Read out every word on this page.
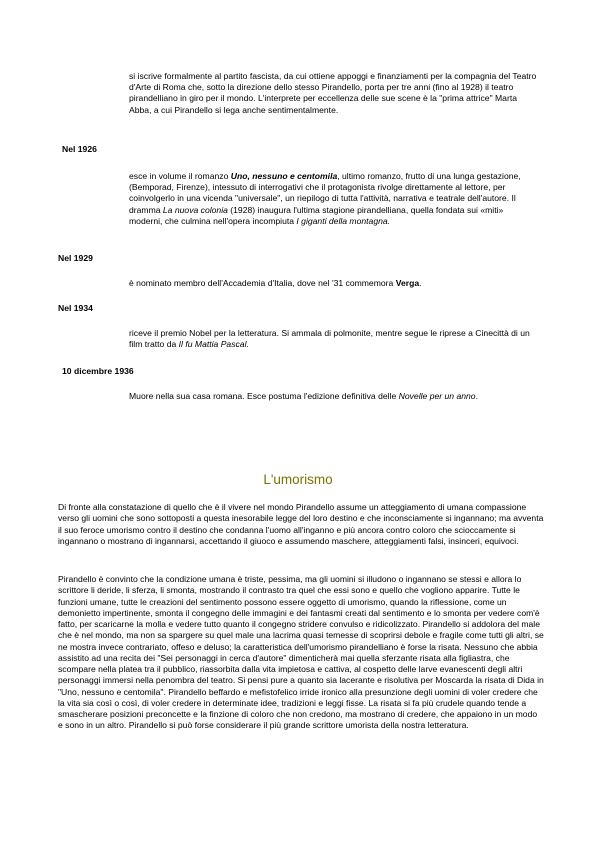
si iscrive formalmente al partito fascista, da cui ottiene appoggi e finanziamenti per la compagnia del Teatro d'Arte di Roma che, sotto la direzione dello stesso Pirandello, porta per tre anni (fino al 1928) il teatro pirandelliano in giro per il mondo. L'interprete per eccellenza delle sue scene è la "prima attrice" Marta Abba, a cui Pirandello si lega anche sentimentalmente.

Nel 1926

esce in volume il romanzo Uno, nessuno e centomila, ultimo romanzo, frutto di una lunga gestazione, (Bemporad, Firenze), intessuto di interrogativi che il protagonista rivolge direttamente al lettore, per coinvolgerlo in una vicenda "universale", un riepilogo di tutta l'attività, narrativa e teatrale dell'autore. Il dramma La nuova colonia (1928) inaugura l'ultima stagione pirandelliana, quella fondata sui «miti» moderni, che culmina nell'opera incompiuta I giganti della montagna.

Nel 1929

è nominato membro dell'Accademia d'Italia, dove nel '31 commemora Verga.

Nel 1934

riceve il premio Nobel per la letteratura. Si ammala di polmonite, mentre segue le riprese a Cinecittà di un film tratto da Il fu Mattia Pascal.

10 dicembre 1936

Muore nella sua casa romana. Esce postuma l'edizione definitiva delle Novelle per un anno.

L'umorismo

Di fronte alla constatazione di quello che è il vivere nel mondo Pirandello assume un atteggiamento di umana compassione verso gli uomini che sono sottoposti a questa inesorabile legge del loro destino e che inconsciamente si ingannano; ma avventa il suo feroce umorismo contro il destino che condanna l'uomo all'inganno e più ancora contro coloro che scioccamente si ingannano o mostrano di ingannarsi, accettando il giuoco e assumendo maschere, atteggiamenti falsi, insinceri, equivoci.

Pirandello è convinto che la condizione umana è triste, pessima, ma gli uomini si illudono o ingannano se stessi e allora lo scrittore li deride, li sferza, li smonta, mostrando il contrasto tra quel che essi sono e quello che vogliono apparire. Tutte le funzioni umane, tutte le creazioni del sentimento possono essere oggetto di umorismo, quando la riflessione, come un demonietto impertinente, smonta il congegno delle immagini e dei fantasmi creati dal sentimento e lo smonta per vedere com'è fatto, per scaricarne la molla e vedere tutto quanto il congegno stridere convulso e ridicolizzato. Pirandello si addolora del male che è nel mondo, ma non sa spargere su quel male una lacrima quasi temesse di scoprirsi debole e fragile come tutti gli altri, se ne mostra invece contrariato, offeso e deluso; la caratteristica dell'umorismo pirandelliano è forse la risata. Nessuno che abbia assistito ad una recita dei "Sei personaggi in cerca d'autore" dimenticherà mai quella sferzante risata alla figliastra, che scompare nella platea tra il pubblico, riassorbita dalla vita impietosa e cattiva, al cospetto delle larve evanescenti degli altri personaggi immersi nella penombra del teatro. Si pensi pure a quanto sia lacerante e risolutiva per Moscarda la risata di Dida in "Uno, nessuno e centomila". Pirandello beffardo e mefistofelico irride ironico alla presunzione degli uomini di voler credere che la vita sia così o così, di voler credere in determinate idee, tradizioni e leggi fisse. La risata si fa più crudele quando tende a smascherare posizioni preconcette e la finzione di coloro che non credono, ma mostrano di credere, che appaiono in un modo e sono in un altro. Pirandello si può forse considerare il più grande scrittore umorista della nostra letteratura.
